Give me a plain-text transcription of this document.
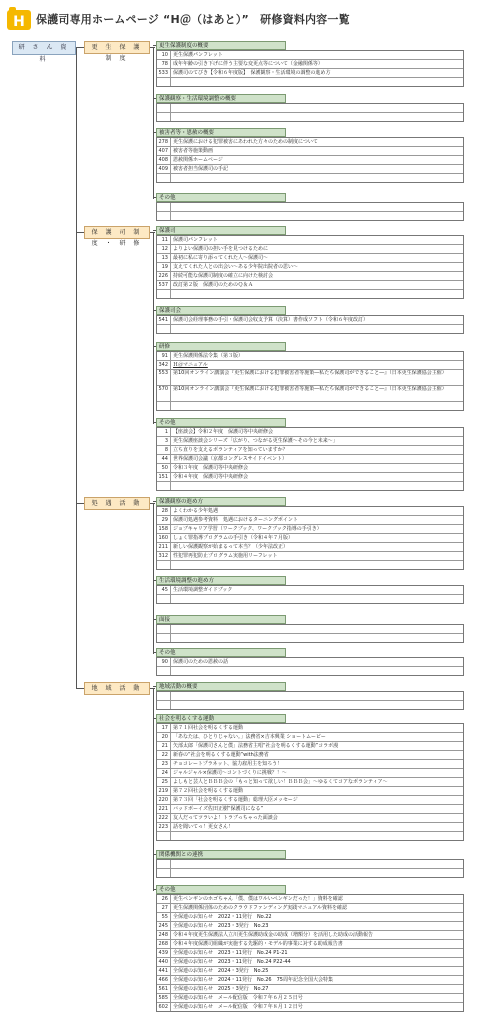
H 保護司専用ホームページ “H＠（はあと）”　研修資料内容一覧
研 さ ん 資 料
更 生 保 護 制 度
更生保護制度の概要
10	更生保護パンフレット
78	成年年齢の引き下げに伴う主要な変更点等について（金融関係等）
533	保護司のてびき【令和６年度版】　保護観察・生活環境の調整の進め方
保護観察・生活環境調整の概要
被害者等・恩赦の概要
278	更生保護における犯罪被害にあわれた方々のための制度について
407	被害者等施策動画
408	恩赦関係ホームページ
409	被害者担当保護司の手記
その他
保 護 司 制 度 ・ 研 修
保護司
11	保護司パンフレット
12	よりよい保護司の担い手を見つけるために
13	最初に私に寄り添ってくれた人～保護司～
19	支えてくれた人との出会い～ある少年院出院者の思い～
226	持続可能な保護司制度の確立に向けた検討会
537	改訂第２版　保護司のためのＱ＆Ａ
保護司会
541	保護司会経理事務の手引・保護司会収支予算（決算）書作成ソフト（令和６年度改訂）
研修
91	更生保護関係法令集（第３版）
342	Ｈ＠マニュアル
553	第10回オンライン講演会『更生保護における犯罪被害者等施策―私たち保護司ができること―』（日本更生保護協会主催）
570	第10回オンライン講演会『更生保護における犯罪被害者等施策―私たち保護司ができること―』（日本更生保護協会主催）
その他
1	【座談会】令和２年度　保護司等中央研修会
3	更生保護座談会シリーズ「広がり、つながる更生保護～その今と未来～」
8	立ち直りを支えるボランティアを知っていますか？
44	世界保護司会議（京都コングレスサイドイベント）
50	令和３年度　保護司等中央研修会
151	令和４年度　保護司等中央研修会
処 遇 活 動	保護観察の進め方
28	よくわかる少年処遇
29	保護司処遇参考資料　処遇におけるターニングポイント
158	ジョブキャリア学習（ワークブック、ワークブック指導の手引き）
160	しょく罪指導プログラムの手引き（令和４年７月版）
211	新しい保護観察が始まるって本当？（少年法改正）
312	性犯罪再犯防止プログラム実施用リーフレット
生活環境調整の進め方
45	生活環境調整ガイドブック
面接
その他
90	保護司のための恩赦の話
地 域 活 動	地域活動の概要
社会を明るくする運動
17	第７１回社会を明るくする運動
20	「あなたは、ひとりじゃない。」法務省×吉本興業 ショートムービー
21	矢部太郎「保護司さんと僕」法務省主唱“社会を明るくする運動”コラボ漫
22	新春の“社会を明るくする運動”with法務省
23	チョコレートプラネット、協力雇用主を知ろう！
24	ジャルジャル×保護司～コントづくりに挑戦？！～
25	よしもと芸人とＢＢＢ会の「もっと知って欲しい！ＢＢＢ会」～ゆるくてコアなボランティア～
219	第７２回社会を明るくする運動
220	第７３回「社会を明るくする運動」総理大臣メッセージ
221	バッドボーイズ佐田正樹“保護司になる”
222	友人だってツラいよ！トラブっちゃった面談会
223	話を聞いてっ！更女さん！
関係機関との連携
その他
26	更生ペンギンのホゴちゃん「僕、僕はワルいペンギンだった！」資料を確認
27	更生保護関係団体のためのクラウドファンディング実践マニュアル資料を確認
55	全保連のお知らせ　2022・11発行　No.22
245	全保連のお知らせ　2023・3発行　No.23
248	令和４年度更生保護法人立川更生保護助成金の助成（増額分）を活用した助成の活動報告
268	令和４年度保護司組織が実施する先駆的・モデル的事業に対する助成報告書
439	全保連のお知らせ　2023・11発行　No.24 P1-21
440	全保連のお知らせ　2023・11発行　No.24 P22-44
441	全保連のお知らせ　2024・3発行　No.25
466	全保連のお知らせ　2024・11発行　No.26　75周年記念全国大会特集
561	全保連のお知らせ　2025・3発行　No.27
585	全保連のお知らせ　メール配信版　令和７年６月２５日号
602	全保連のお知らせ　メール配信版　令和７年８月１２日号
